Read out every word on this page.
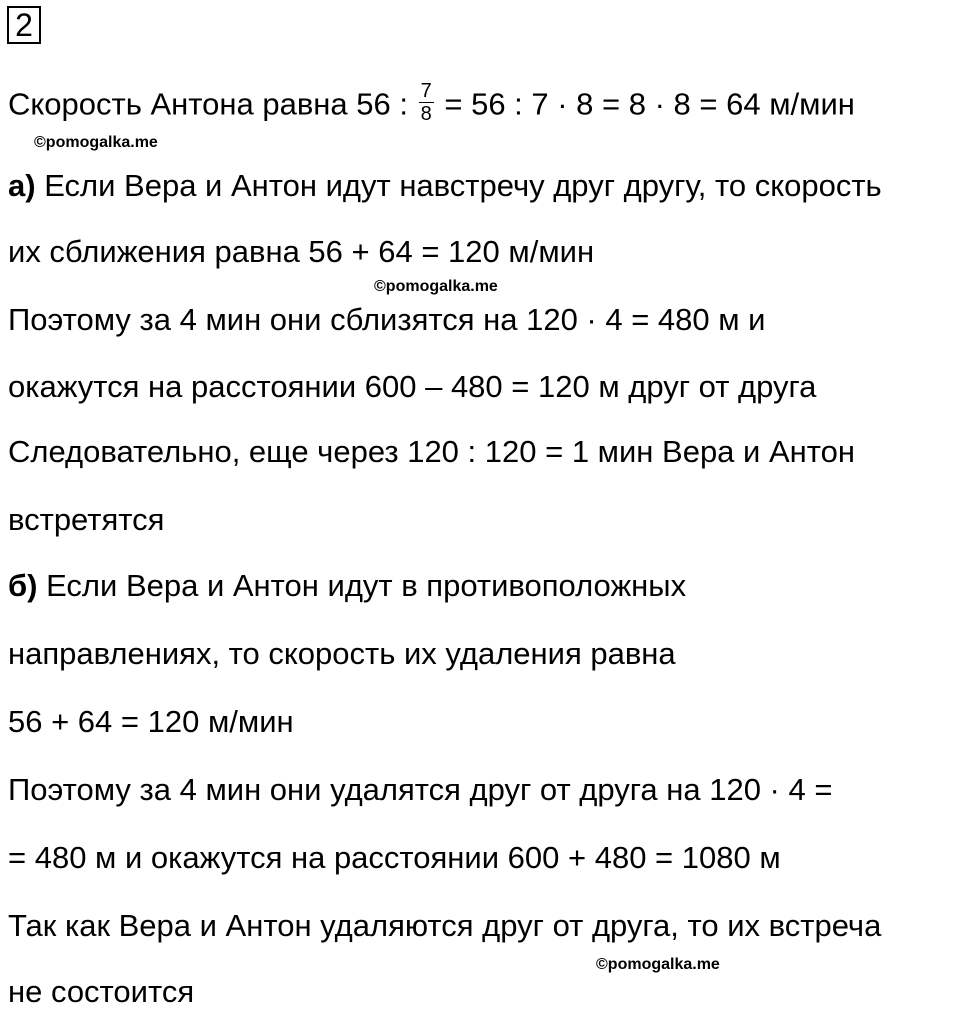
2
Скорость Антона равна 56 : $\frac{7}{8} = 56$ : 7 · 8 = 8 · 8 = 64 м/мин
©pomogalka.me
а) Если Вера и Антон идут навстречу друг другу, то скорость
их сближения равна 56 + 64 = 120 м/мин
©pomogalka.me
Поэтому за 4 мин они сблизятся на 120 · 4 = 480 м и
окажутся на расстоянии 600 – 480 = 120 м друг от друга
Следовательно, еще через 120 : 120 = 1 мин Вера и Антон
встретятся
б) Если Вера и Антон идут в противоположных
направлениях, то скорость их удаления равна
56 + 64 = 120 м/мин
Поэтому за 4 мин они удалятся друг от друга на 120 · 4 =
= 480 м и окажутся на расстоянии 600 + 480 = 1080 м
Так как Вера и Антон удаляются друг от друга, то их встреча
©pomogalka.me
не состоится
